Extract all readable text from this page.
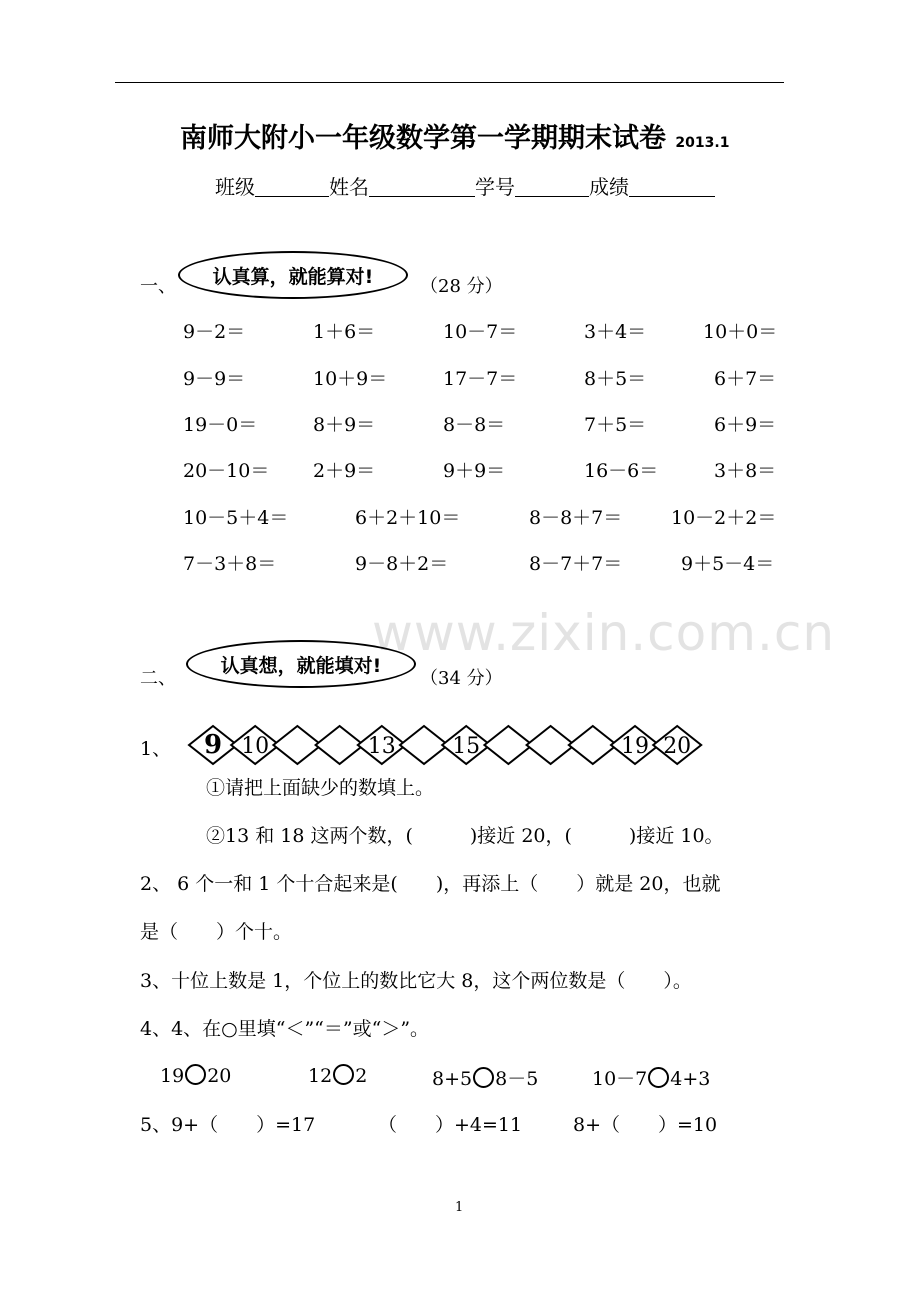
南师大附小一年级数学第一学期期末试卷 2013.1
班级	姓名	学号	成绩
一、 认真算，就能算对!	（28 分）
9－2＝	1＋6＝	10－7＝	3＋4＝	10＋0＝
9－9＝	10＋9＝	17－7＝	8＋5＝	6＋7＝
19－0＝	8＋9＝	8－8＝	7＋5＝	6＋9＝
20－10＝ 2＋9＝	9＋9＝	16－6＝	3＋8＝
10－5＋4＝	6＋2＋10＝	8－8＋7＝	10－2＋2＝
7－3＋8＝	9－8＋2＝	8－7＋7＝	9＋5－4＝
www.zixin.com.cn
二、
认真想，就能填对!
（34 分）
1、 9 10	13	15	19 20
①请把上面缺少的数填上。
②13 和 18 这两个数，(　　　)接近 20，(　　　)接近 10。
2、 6 个一和 1 个十合起来是(　　)，再添上（　　）就是 20，也就
是（　　）个十。
3、十位上数是 1，个位上的数比它大 8，这个两位数是（　　）。
4、4、在○里填“＜”“＝”或“＞”。
19 20	12 2	8+5 8－5	10－7 4+3
5、9+（　　）=17	（　　）+4=11	8+（　　）=10
1
